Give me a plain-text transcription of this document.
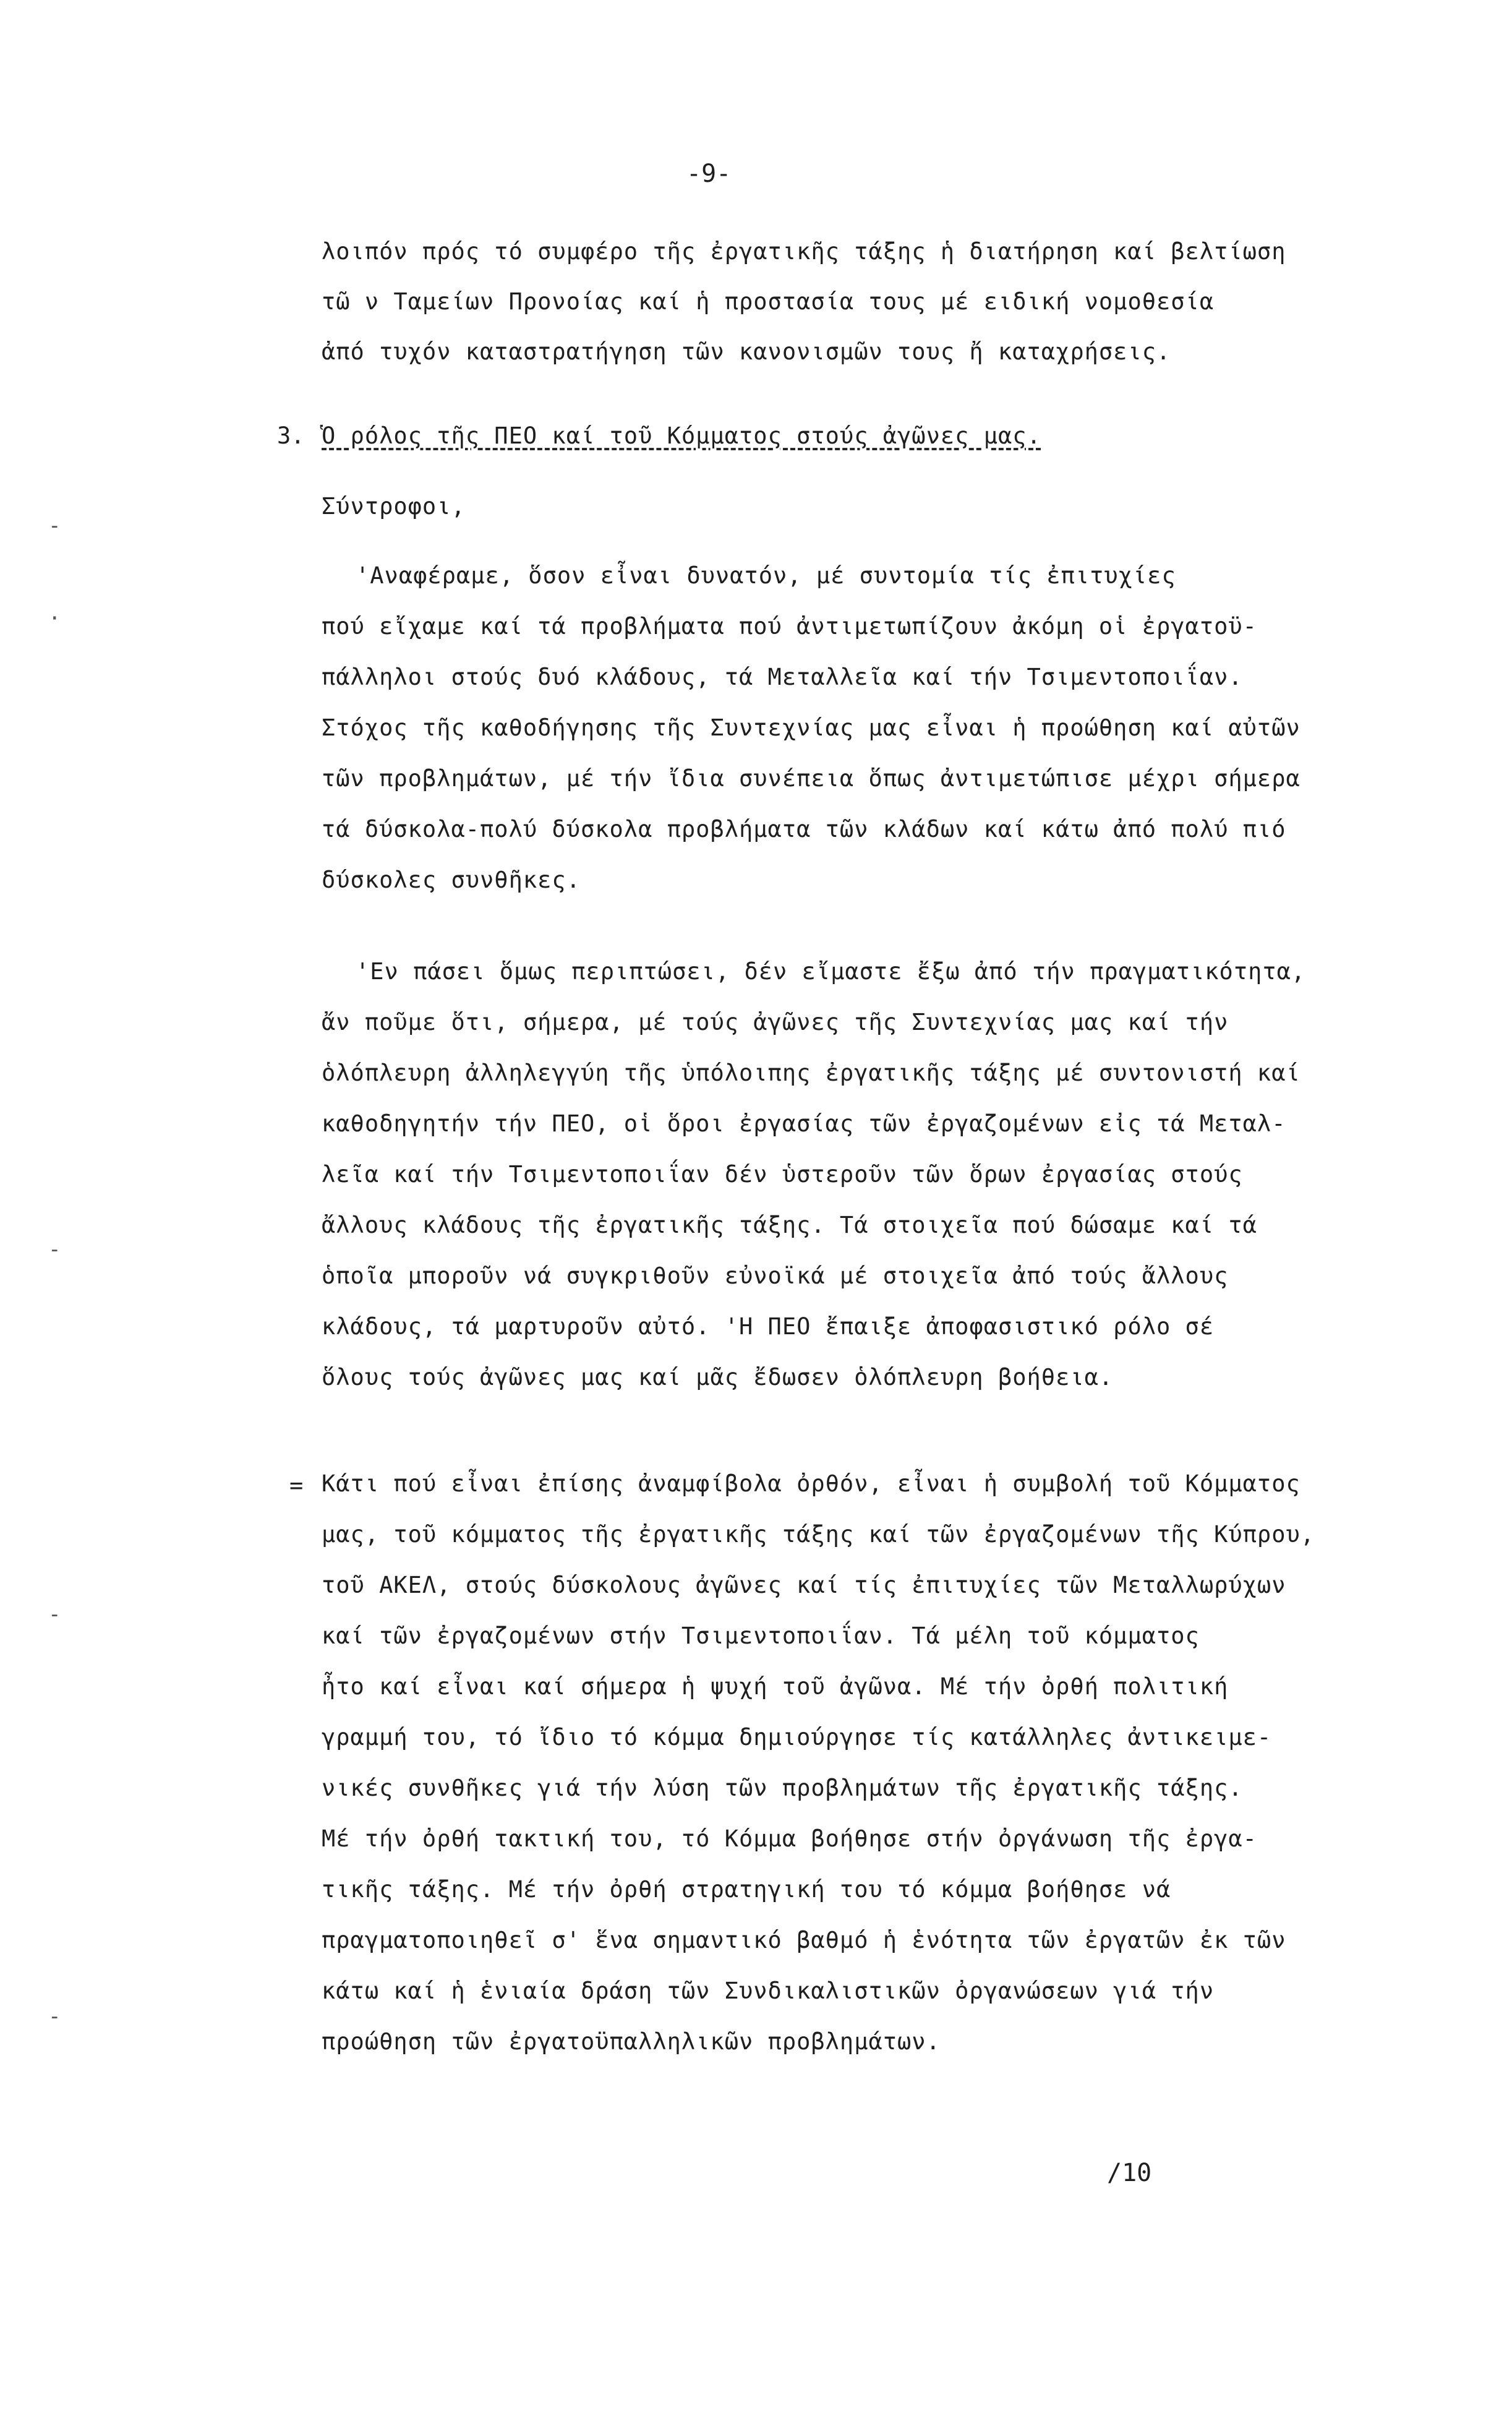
-9-
λοιπόν πρός τό συμφέρο τῆς ἐργατικῆς τάξης ἡ διατήρηση καί βελτίωση
τῶ ν Ταμείων Προνοίας καί ἡ προστασία τους μέ ειδική νομοθεσία
ἀπό τυχόν καταστρατήγηση τῶν κανονισμῶν τους ἤ καταχρήσεις.
3. Ὁ ρόλος τῆς ΠΕΟ καί τοῦ Κόμματος στούς ἀγῶνες μας.
Σύντροφοι,
'Αναφέραμε, ὅσον εἶναι δυνατόν, μέ συντομία τίς ἐπιτυχίες
πού εἴχαμε καί τά προβλήματα πού ἀντιμετωπίζουν ἀκόμη οἱ ἐργατοϋ-
πάλληλοι στούς δυό κλάδους, τά Μεταλλεῖα καί τήν Τσιμεντοποιΐαν.
Στόχος τῆς καθοδήγησης τῆς Συντεχνίας μας εἶναι ἡ προώθηση καί αὐτῶν
τῶν προβλημάτων, μέ τήν ἴδια συνέπεια ὅπως ἀντιμετώπισε μέχρι σήμερα
τά δύσκολα-πολύ δύσκολα προβλήματα τῶν κλάδων καί κάτω ἀπό πολύ πιό
δύσκολες συνθῆκες.
'Εν πάσει ὅμως περιπτώσει, δέν εἴμαστε ἔξω ἀπό τήν πραγματικότητα,
ἄν ποῦμε ὅτι, σήμερα, μέ τούς ἀγῶνες τῆς Συντεχνίας μας καί τήν
ὁλόπλευρη ἀλληλεγγύη τῆς ὑπόλοιπης ἐργατικῆς τάξης μέ συντονιστή καί
καθοδηγητήν τήν ΠΕΟ, οἱ ὅροι ἐργασίας τῶν ἐργαζομένων εἰς τά Μεταλ-
λεῖα καί τήν Τσιμεντοποιΐαν δέν ὑστεροῦν τῶν ὅρων ἐργασίας στούς
ἄλλους κλάδους τῆς ἐργατικῆς τάξης. Τά στοιχεῖα πού δώσαμε καί τά
ὁποῖα μποροῦν νά συγκριθοῦν εὐνοϊκά μέ στοιχεῖα ἀπό τούς ἄλλους
κλάδους, τά μαρτυροῦν αὐτό. 'Η ΠΕΟ ἔπαιξε ἀποφασιστικό ρόλο σέ
ὅλους τούς ἀγῶνες μας καί μᾶς ἔδωσεν ὁλόπλευρη βοήθεια.
= Κάτι πού εἶναι ἐπίσης ἀναμφίβολα ὀρθόν, εἶναι ἡ συμβολή τοῦ Κόμματος
μας, τοῦ κόμματος τῆς ἐργατικῆς τάξης καί τῶν ἐργαζομένων τῆς Κύπρου,
τοῦ ΑΚΕΛ, στούς δύσκολους ἀγῶνες καί τίς ἐπιτυχίες τῶν Μεταλλωρύχων
καί τῶν ἐργαζομένων στήν Τσιμεντοποιΐαν. Τά μέλη τοῦ κόμματος
ἦτο καί εἶναι καί σήμερα ἡ ψυχή τοῦ ἀγῶνα. Μέ τήν ὀρθή πολιτική
γραμμή του, τό ἴδιο τό κόμμα δημιούργησε τίς κατάλληλες ἀντικειμε-
νικές συνθῆκες γιά τήν λύση τῶν προβλημάτων τῆς ἐργατικῆς τάξης.
Μέ τήν ὀρθή τακτική του, τό Κόμμα βοήθησε στήν ὀργάνωση τῆς ἐργα-
τικῆς τάξης. Μέ τήν ὀρθή στρατηγική του τό κόμμα βοήθησε νά
πραγματοποιηθεῖ σ' ἕνα σημαντικό βαθμό ἡ ἑνότητα τῶν ἐργατῶν ἐκ τῶν
κάτω καί ἡ ἑνιαία δράση τῶν Συνδικαλιστικῶν ὀργανώσεων γιά τήν
προώθηση τῶν ἐργατοϋπαλληλικῶν προβλημάτων.
/10
-
·
-
-
-
